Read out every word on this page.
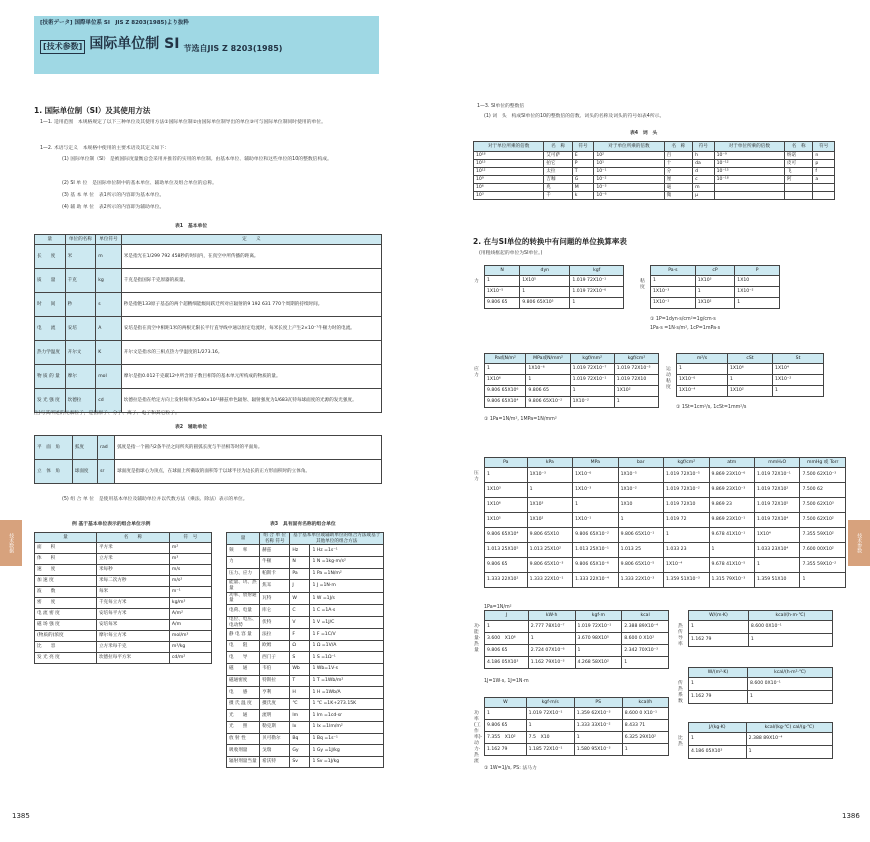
[技術データ] 国際単位系 SI　JIS Z 8203(1985)より抜粋
[技术参数] 国际单位制 SI 节选自JIS Z 8203(1985)
1. 国际单位制（SI）及其使用方法
1—1. 适用范围　本规格规定了以下三种单位及其使用方法①国际单位制②由国际单位制导出的单位③可与国际单位制同时使用的单位。
1—2. 术语与定义　本规格中使用的主要术语及其定义如下：
(1) 国际单位制（SI） 是被国际度量衡总会采用并推荐的实用的单位制。由基本单位、辅助单位和这些单位的10的整数倍构成。
(2) SI 单 位　是国际单位制中的基本单位、辅助单位及组合单位的总称。
(3) 基 本 单 位　表1所示的内容即为基本单位。
(4) 辅 助 单 位　表2所示的内容即为辅助单位。
表1　基本单位
量	单位的名称	单位符号	定　　义
长　　度	米	m	米是指光在1/299 792 458秒的时间内，在真空中所传播的距离。
质　　量	千克	kg	千克是指国际千克原器的质量。
时　　间	秒	s	秒是指铯133原子基态的两个超精细能级间跃迁所对应辐射的9 192 631 770个周期的持续时间。
电　　流	安培	A	安培是指在真空中相距1米的两根无限长平行直导线中通以恒定电流时，每米长度上产生2×10⁻⁷牛顿力时的电流。
热力学温度	开尔文	K	开尔文是指水的三相点热力学温度的1/273.16。
物 质 的 量	摩尔	mol	摩尔是指0.012千克碳12中所含原子数目相等的基本单元所构成的物质的量。
发 光 强 度	坎德拉	cd	坎德拉是指在给定方向上发射频率为540×10¹²赫兹单色辐射、辐射强度为1/683瓦特每球面度的光源的发光强度。
注)与其所述的元素粒子，是指原子、分子、离子、电子和其它粒子。
表2　辅助单位
平　面　角	弧度	rad	弧度是指一个圆内2条半径之间所夹的圆弧长度与半径相等时的平面角。
立　体　角	球面度	sr	球面度是指球心为顶点，在球面上所截取的面积等于以球半径为边长的正方形面积时的立体角。
(5) 组 合 单 位　是使用基本单位及辅助单位并以代数方法（乘法、除法）表示的单位。
例 基于基本单位表示的组合单位示例
量	名　　称	符　号
面　　积	平方米	m²
体　　积	立方米	m³
速　　度	米每秒	m/s
加 速 度	米每二次方秒	m/s²
波　　数	每米	m⁻¹
密　　度	千克每立方米	kg/m³
电 流 密 度	安培每平方米	A/m²
磁 场 强 度	安培每米	A/m
(物质的)浓度	摩尔每立方米	mol/m³
比　　容	立方米每千克	m³/kg
发 光 亮 度	坎德拉每平方米	cd/m²
表3　具有固有名称的组合单位
量	组 合 单 位 名称 符号	基于基本单位或辅助单位的组合方法或基于其他单位的组合方法	
频　　率	赫兹	Hz	1 Hz =1s⁻¹
力	牛顿	N	1 N =1kg·m/s²
压力、应力	帕斯卡	Pa	1 Pa =1N/m²
能量、功、热量	焦耳	J	1 J =1N·m
功率、放射通量	瓦特	W	1 W =1J/s
电荷、电量	库仑	C	1 C =1A·s
电位、电压、电动势	伏特	V	1 V =1J/C
静 电 容 量	法拉	F	1 F =1C/V
电　　阻	欧姆	Ω	1 Ω =1V/A
电　　导	西门子	S	1 S =1Ω⁻¹
磁　　通	韦伯	Wb	1 Wb=1V·s
磁通密度	特斯拉	T	1 T =1Wb/m²
电　　感	亨利	H	1 H =1Wb/A
摄 氏 温 度	摄氏度	℃	1 ℃ =1K+273.15K
光　　通	流明	lm	1 lm =1cd·sr
光　　照	勒克斯	lx	1 lx =1lm/m²
放 射 性	贝可勒尔	Bq	1 Bq =1s⁻¹
吸收剂量	戈瑞	Gy	1 Gy =1J/kg
辐射剂量当量	希沃特	Sv	1 Sv =1J/kg
技术数据
1385
1—3. SI单位的整数倍
(1) 词　头　构成SI单位的10的整数倍的倍数、词头的名称及词头的符号如表4所示。
表4　词　头
对于单位所乘的倍数	名　称	符号	对于单位所乘的倍数	名　称	符号	对于单位所乘的倍数	名　称	符号
10¹⁸	艾可萨	E	10²	百	h	10⁻⁹	纳诺	n
10¹⁵	拍它	P	10¹	十	da	10⁻¹²	皮可	p
10¹²	太拉	T	10⁻¹	分	d	10⁻¹⁵	飞	f
10⁹	吉咖	G	10⁻²	厘	c	10⁻¹⁸	阿	a
10⁶	兆	M	10⁻³	毫	m			
10³	千	k	10⁻⁶	微	μ			
2. 在与SI单位的转换中有问题的单位换算率表
(用粗线框起的单位为SI单位。)
力
N	dyn	kgf
1	1X10⁵	1.019 72X10⁻¹
1X10⁻⁵	1	1.019 72X10⁻⁶
9.806 65	9.806 65X10⁵	1
粘度
Pa·s	cP	P
1	1X10³	1X10
1X10⁻³	1	1X10⁻²
1X10⁻¹	1X10²	1
① 1P=1dyn·s/cm²=1g/cm·s
1Pa·s =1N·s/m², 1cP=1mPa·s
应力
Pa或N/m²	MPa或N/mm²	kgf/mm²	kgf/cm²
1	1X10⁻⁶	1.019 72X10⁻⁷	1.019 72X10⁻⁵
1X10⁶	1	1.019 72X10⁻¹	1.019 72X10
9.806 65X10⁶	9.806 65	1	1X10²
9.806 65X10⁴	9.806 65X10⁻²	1X10⁻²	1
① 1Pa=1N/m², 1MPa=1N/mm²
运动粘度
m²/s	cSt	St
1	1X10⁶	1X10⁴
1X10⁻⁶	1	1X10⁻²
1X10⁻⁴	1X10²	1
① 1St=1cm²/s, 1cSt=1mm²/s
压力
Pa	kPa	MPa	bar	kgf/cm²	atm	mmH₂O	mmHg 或 Torr
1	1X10⁻³	1X10⁻⁶	1X10⁻⁵	1.019 72X10⁻⁵	9.869 23X10⁻⁶	1.019 72X10⁻¹	7.500 62X10⁻³
1X10³	1	1X10⁻³	1X10⁻²	1.019 72X10⁻²	9.869 23X10⁻³	1.019 72X10²	7.500 62
1X10⁶	1X10³	1	1X10	1.019 72X10	9.869 23	1.019 72X10⁵	7.500 62X10³
1X10⁵	1X10²	1X10⁻¹	1	1.019 72	9.869 23X10⁻¹	1.019 72X10⁴	7.500 62X10²
9.806 65X10⁴	9.806 65X10	9.806 65X10⁻²	9.806 65X10⁻¹	1	9.678 41X10⁻¹	1X10⁴	7.355 59X10²
1.013 25X10⁵	1.013 25X10²	1.013 25X10⁻¹	1.013 25	1.033 23	1	1.033 23X10⁴	7.600 00X10²
9.806 65	9.806 65X10⁻³	9.806 65X10⁻⁶	9.806 65X10⁻⁵	1X10⁻⁴	9.678 41X10⁻⁵	1	7.355 59X10⁻²
1.333 22X10²	1.333 22X10⁻¹	1.333 22X10⁻⁴	1.333 22X10⁻³	1.359 51X10⁻³	1.315 79X10⁻³	1.359 51X10	1
1Pa=1N/m²
功·能量·热量
J	kW·h	kgf·m	kcal
1	2.777 78X10⁻⁷	1.019 72X10⁻¹	2.388 89X10⁻⁴
3.600　X10⁶	1	3.670 98X10⁵	8.600 0 X10²
9.806 65	2.724 07X10⁻⁶	1	2.342 70X10⁻³
4.186 05X10³	1.162 79X10⁻³	4.268 58X10²	1
1J=1W·s, 1J=1N·m
功率(工作率)·动力·热流
W	kgf·m/s	PS	kcal/h
1	1.019 72X10⁻¹	1.359 62X10⁻³	8.600 0 X10⁻¹
9.806 65	1	1.333 33X10⁻²	8.433 71
7.355　X10²	7.5　X10	1	6.325 29X10²
1.162 79	1.185 72X10⁻¹	1.580 95X10⁻³	1
① 1W=1J/s, PS: 法马力
热传导率
W/(m·K)	kcal/(h·m·℃)
1	8.600 0X10⁻¹
1.162 79	1
传热系数
W/(m²·K)	kcal/(h·m²·℃)
1	8.600 0X10⁻¹
1.162 79	1
比热
J/(kg·K)	kcal/(kg·℃) cal/(g·℃)
1	2.388 89X10⁻⁴
4.186 05X10³	1
技术参数
1386
